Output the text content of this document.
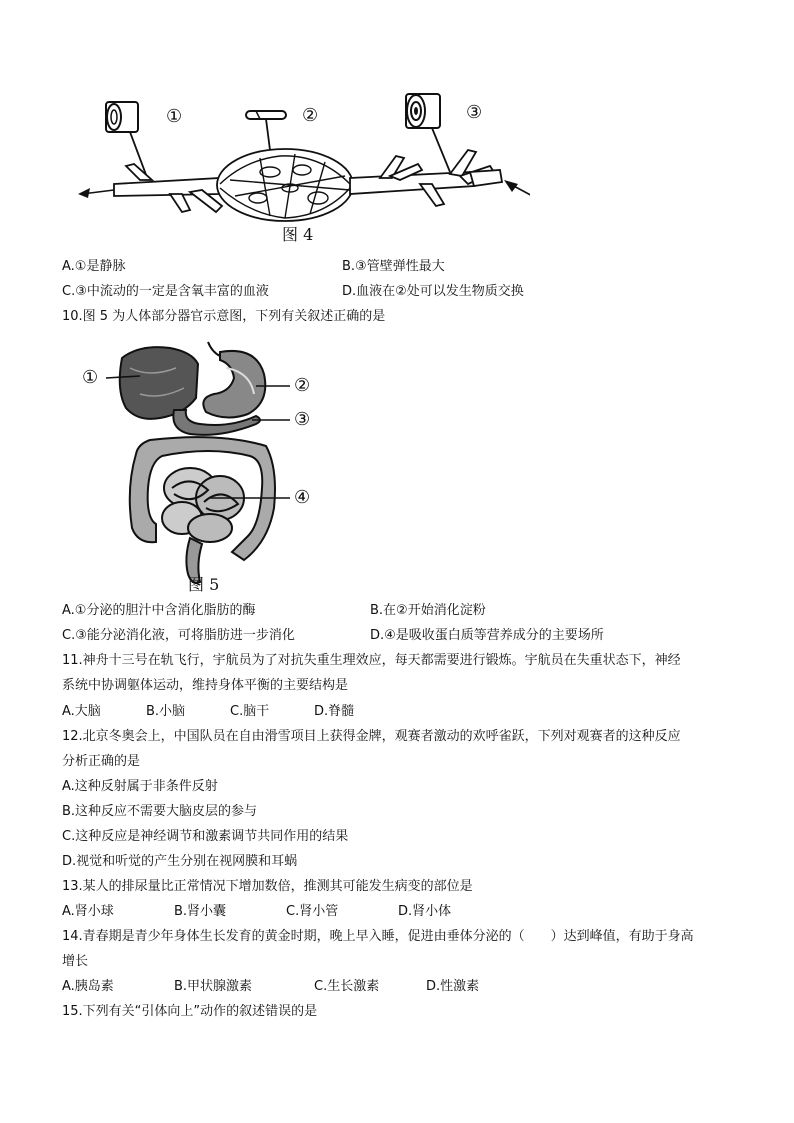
①	②	③
图 4
A.①是静脉	B.③管壁弹性最大
C.③中流动的一定是含氧丰富的血液	D.血液在②处可以发生物质交换
10.图 5 为人体部分器官示意图，下列有关叙述正确的是
①	②
③
④
图 5
A.①分泌的胆汁中含消化脂肪的酶	B.在②开始消化淀粉
C.③能分泌消化液，可将脂肪进一步消化	D.④是吸收蛋白质等营养成分的主要场所
11.神舟十三号在轨飞行，宇航员为了对抗失重生理效应，每天都需要进行锻炼。宇航员在失重状态下，神经
系统中协调躯体运动，维持身体平衡的主要结构是
A.大脑	B.小脑	C.脑干	D.脊髓
12.北京冬奥会上，中国队员在自由滑雪项目上获得金牌，观赛者激动的欢呼雀跃，下列对观赛者的这种反应
分析正确的是
A.这种反射属于非条件反射
B.这种反应不需要大脑皮层的参与
C.这种反应是神经调节和激素调节共同作用的结果
D.视觉和听觉的产生分别在视网膜和耳蜗
13.某人的排尿量比正常情况下增加数倍，推测其可能发生病变的部位是
A.肾小球	B.肾小囊	C.肾小管	D.肾小体
14.青春期是青少年身体生长发育的黄金时期，晚上早入睡，促进由垂体分泌的（　　）达到峰值，有助于身高
增长
A.胰岛素	B.甲状腺激素	C.生长激素	D.性激素
15.下列有关“引体向上”动作的叙述错误的是
